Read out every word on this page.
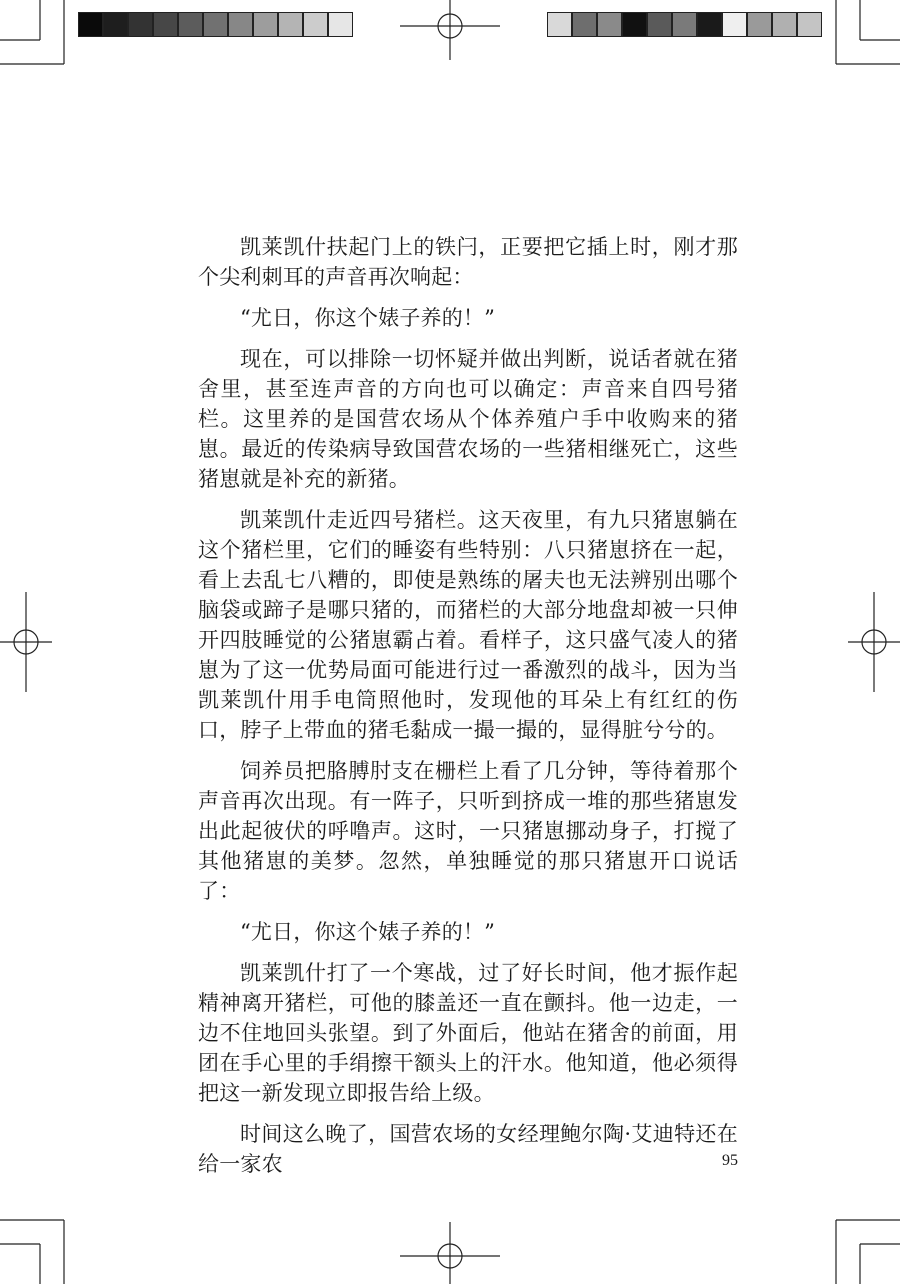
凯莱凯什扶起门上的铁闩，正要把它插上时，刚才那个尖利刺耳的声音再次响起：

“尤日，你这个婊子养的！”

现在，可以排除一切怀疑并做出判断，说话者就在猪舍里，甚至连声音的方向也可以确定：声音来自四号猪栏。这里养的是国营农场从个体养殖户手中收购来的猪崽。最近的传染病导致国营农场的一些猪相继死亡，这些猪崽就是补充的新猪。

凯莱凯什走近四号猪栏。这天夜里，有九只猪崽躺在这个猪栏里，它们的睡姿有些特别：八只猪崽挤在一起，看上去乱七八糟的，即使是熟练的屠夫也无法辨别出哪个脑袋或蹄子是哪只猪的，而猪栏的大部分地盘却被一只伸开四肢睡觉的公猪崽霸占着。看样子，这只盛气凌人的猪崽为了这一优势局面可能进行过一番激烈的战斗，因为当凯莱凯什用手电筒照他时，发现他的耳朵上有红红的伤口，脖子上带血的猪毛黏成一撮一撮的，显得脏兮兮的。

饲养员把胳膊肘支在栅栏上看了几分钟，等待着那个声音再次出现。有一阵子，只听到挤成一堆的那些猪崽发出此起彼伏的呼噜声。这时，一只猪崽挪动身子，打搅了其他猪崽的美梦。忽然，单独睡觉的那只猪崽开口说话了：

“尤日，你这个婊子养的！”

凯莱凯什打了一个寒战，过了好长时间，他才振作起精神离开猪栏，可他的膝盖还一直在颤抖。他一边走，一边不住地回头张望。到了外面后，他站在猪舍的前面，用团在手心里的手绢擦干额头上的汗水。他知道，他必须得把这一新发现立即报告给上级。

时间这么晚了，国营农场的女经理鲍尔陶·艾迪特还在给一家农	95
